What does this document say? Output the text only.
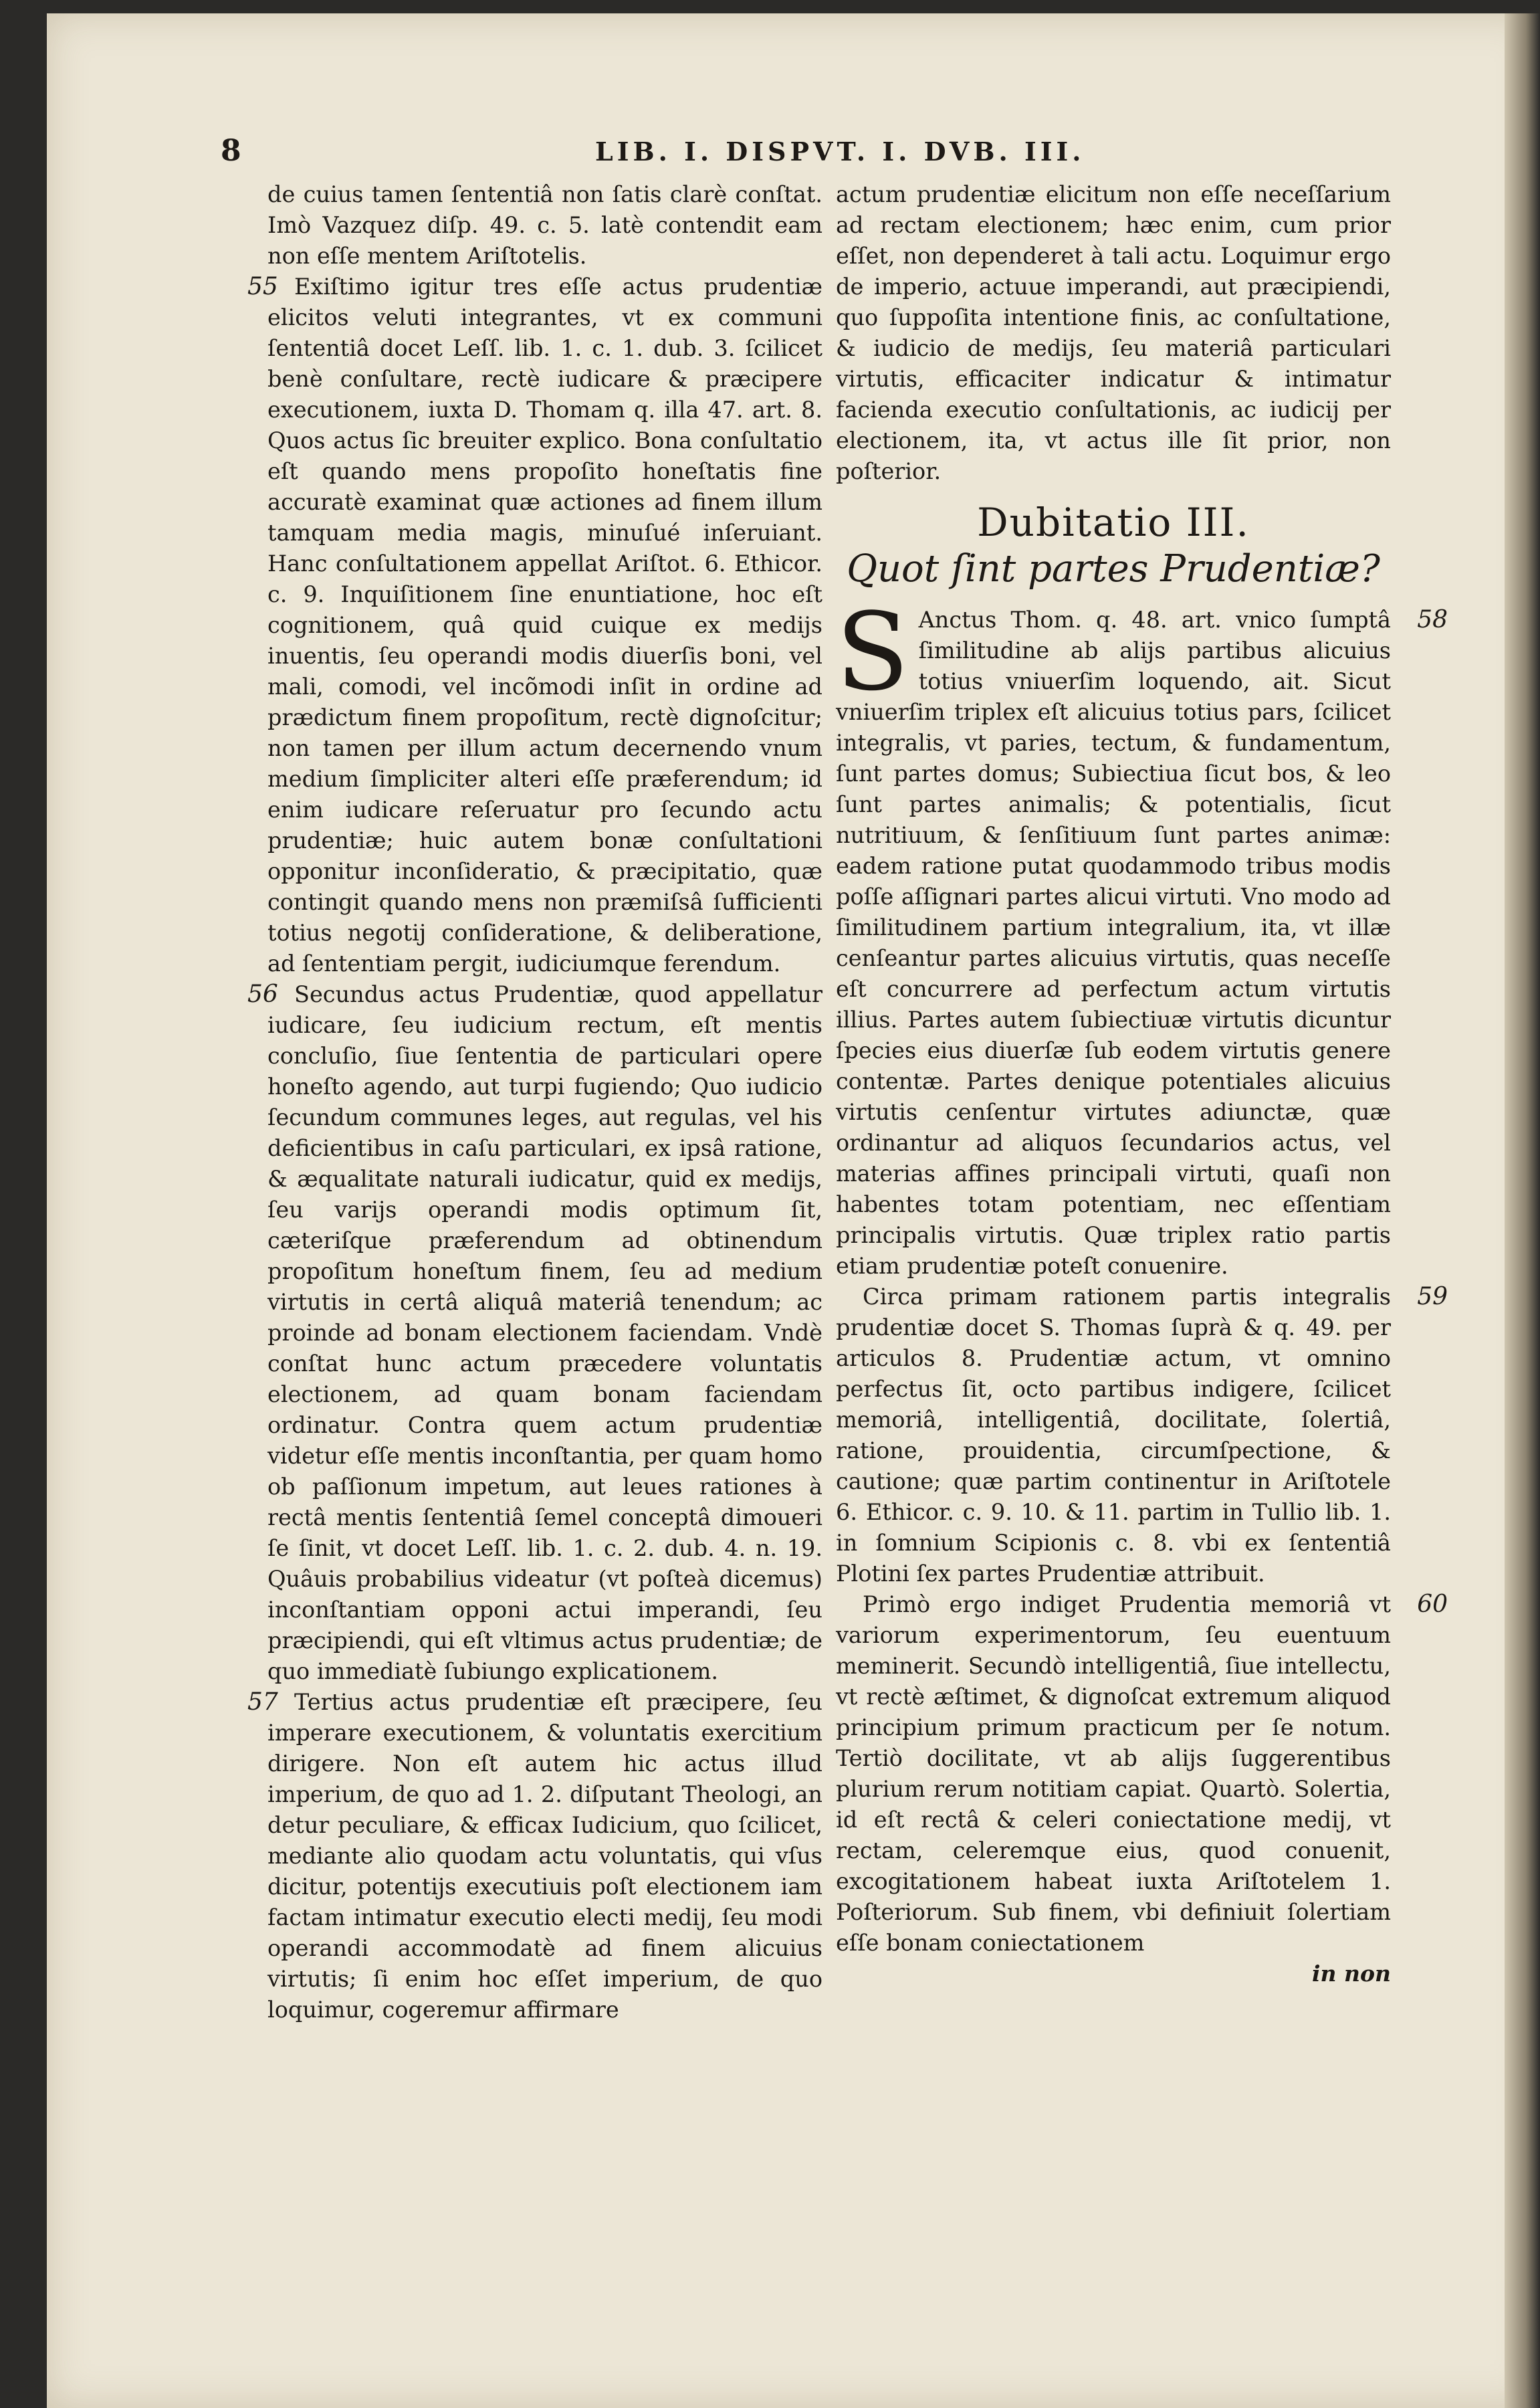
8	LIB. I. DISPVT. I. DVB. III.

de cuius tamen ſententiâ non ſatis clarè conſtat. Imò Vazquez diſp. 49. c. 5. latè contendit eam non eſſe mentem Ariſtotelis.

55 Exiſtimo igitur tres eſſe actus prudentiæ elicitos veluti integrantes, vt ex communi ſententiâ docet Leſſ. lib. 1. c. 1. dub. 3. ſcilicet benè conſultare, rectè iudicare & præcipere executionem, iuxta D. Thomam q. illa 47. art. 8. Quos actus ſic breuiter explico. Bona conſultatio eſt quando mens propoſito honeſtatis fine accuratè examinat quæ actiones ad finem illum tamquam media magis, minuſué inſeruiant. Hanc conſultationem appellat Ariſtot. 6. Ethicor. c. 9. Inquiſitionem ſine enuntiatione, hoc eſt cognitionem, quâ quid cuique ex medijs inuentis, ſeu operandi modis diuerſis boni, vel mali, comodi, vel incõmodi inſit in ordine ad prædictum finem propoſitum, rectè dignoſcitur; non tamen per illum actum decernendo vnum medium ſimpliciter alteri eſſe præferendum; id enim iudicare reſeruatur pro ſecundo actu prudentiæ; huic autem bonæ conſultationi opponitur inconſideratio, & præcipitatio, quæ contingit quando mens non præmiſsâ ſufficienti totius negotij conſideratione, & deliberatione, ad ſententiam pergit, iudiciumque ferendum.

56 Secundus actus Prudentiæ, quod appellatur iudicare, ſeu iudicium rectum, eſt mentis concluſio, ſiue ſententia de particulari opere honeſto agendo, aut turpi fugiendo; Quo iudicio ſecundum communes leges, aut regulas, vel his deficientibus in caſu particulari, ex ipsâ ratione, & æqualitate naturali iudicatur, quid ex medijs, ſeu varijs operandi modis optimum ſit, cæteriſque præferendum ad obtinendum propoſitum honeſtum finem, ſeu ad medium virtutis in certâ aliquâ materiâ tenendum; ac proinde ad bonam electionem faciendam. Vndè conſtat hunc actum præcedere voluntatis electionem, ad quam bonam faciendam ordinatur. Contra quem actum prudentiæ videtur eſſe mentis inconſtantia, per quam homo ob paſſionum impetum, aut leues rationes à rectâ mentis ſententiâ ſemel conceptâ dimoueri ſe ſinit, vt docet Leſſ. lib. 1. c. 2. dub. 4. n. 19. Quâuis probabilius videatur (vt poſteà dicemus) inconſtantiam opponi actui imperandi, ſeu præcipiendi, qui eſt vltimus actus prudentiæ; de quo immediatè ſubiungo explicationem.

57 Tertius actus prudentiæ eſt præcipere, ſeu imperare executionem, & voluntatis exercitium dirigere. Non eſt autem hic actus illud imperium, de quo ad 1. 2. diſputant Theologi, an detur peculiare, & efficax Iudicium, quo ſcilicet, mediante alio quodam actu voluntatis, qui vſus dicitur, potentijs executiuis poſt electionem iam factam intimatur executio electi medij, ſeu modi operandi accommodatè ad finem alicuius virtutis; ſi enim hoc eſſet imperium, de quo loquimur, cogeremur affirmare

actum prudentiæ elicitum non eſſe neceſſarium ad rectam electionem; hæc enim, cum prior eſſet, non dependeret à tali actu. Loquimur ergo de imperio, actuue imperandi, aut præcipiendi, quo ſuppoſita intentione finis, ac conſultatione, & iudicio de medijs, ſeu materiâ particulari virtutis, efficaciter indicatur & intimatur facienda executio conſultationis, ac iudicij per electionem, ita, vt actus ille ſit prior, non poſterior.

Dubitatio III.
Quot ſint partes Prudentiæ?
58
S Anctus Thom. q. 48. art. vnico ſumptâ ſimilitudine ab alijs partibus alicuius totius vniuerſim loquendo, ait. Sicut vniuerſim triplex eſt alicuius totius pars, ſcilicet integralis, vt paries, tectum, & fundamentum, ſunt partes domus; Subiectiua ſicut bos, & leo ſunt partes animalis; & potentialis, ſicut nutritiuum, & ſenſitiuum ſunt partes animæ: eadem ratione putat quodammodo tribus modis poſſe aſſignari partes alicui virtuti. Vno modo ad ſimilitudinem partium integralium, ita, vt illæ cenſeantur partes alicuius virtutis, quas neceſſe eſt concurrere ad perfectum actum virtutis illius. Partes autem ſubiectiuæ virtutis dicuntur ſpecies eius diuerſæ ſub eodem virtutis genere contentæ. Partes denique potentiales alicuius virtutis cenſentur virtutes adiunctæ, quæ ordinantur ad aliquos ſecundarios actus, vel materias affines principali virtuti, quaſi non habentes totam potentiam, nec eſſentiam principalis virtutis. Quæ triplex ratio partis etiam prudentiæ poteſt conuenire.

59

Circa primam rationem partis integralis prudentiæ docet S. Thomas ſuprà & q. 49. per articulos 8. Prudentiæ actum, vt omnino perfectus ſit, octo partibus indigere, ſcilicet memoriâ, intelligentiâ, docilitate, ſolertiâ, ratione, prouidentia, circumſpectione, & cautione; quæ partim continentur in Ariſtotele 6. Ethicor. c. 9. 10. & 11. partim in Tullio lib. 1. in ſomnium Scipionis c. 8. vbi ex ſententiâ Plotini ſex partes Prudentiæ attribuit.

60

Primò ergo indiget Prudentia memoriâ vt variorum experimentorum, ſeu euentuum meminerit. Secundò intelligentiâ, ſiue intellectu, vt rectè æſtimet, & dignoſcat extremum aliquod principium primum practicum per ſe notum. Tertiò docilitate, vt ab alijs ſuggerentibus plurium rerum notitiam capiat. Quartò. Solertia, id eſt rectâ & celeri coniectatione medij, vt rectam, celeremque eius, quod conuenit, excogitationem habeat iuxta Ariſtotelem 1. Poſteriorum. Sub finem, vbi definiuit ſolertiam eſſe bonam coniectationem

in non
